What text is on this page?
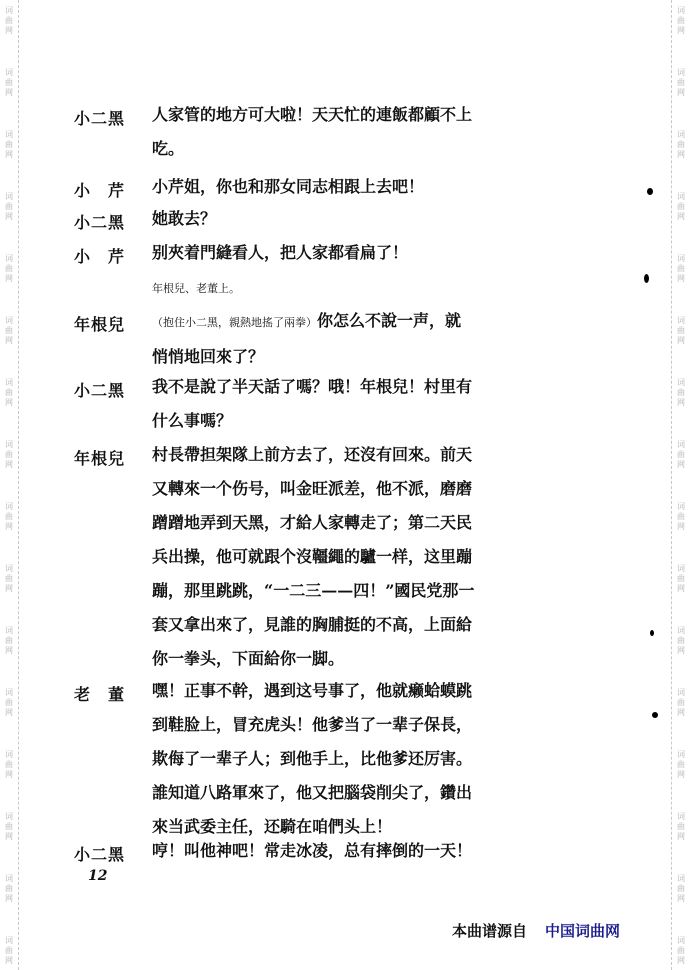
词
曲
网
词
曲
网
词
曲
网
词
曲
网
词
曲
网
词
曲
网
词
曲
网
词
曲
网
词
曲
网
词
曲
网
词
曲
网
词
曲
网
词
曲
网
词
曲
网
词
曲
网
词
曲
网
词
曲
网
词
曲
网
词
曲
网
词
曲
网
词
曲
网
词
曲
网
词
曲
网
词
曲
网
词
曲
网
词
曲
网
词
曲
网
词
曲
网
词
曲
网
词
曲
网
词
曲
网
词
曲
网
小二黑	人家管的地方可大啦！天天忙的連飯都顧不上
吃。
小　芹	小芹姐，你也和那女同志相跟上去吧！
小二黑	她敢去？
小　芹	别夾着門縫看人，把人家都看扁了！
年根兒、老董上。
年根兒	（抱住小二黑，親熱地搖了兩拳）你怎么不說一声，就
悄悄地回來了？
小二黑	我不是說了半天話了嗎？哦！年根兒！村里有
什么事嗎？
年根兒	村長帶担架隊上前方去了，还沒有回來。前天
又轉來一个伤号，叫金旺派差，他不派，磨磨
蹭蹭地弄到天黑，才給人家轉走了；第二天民
兵出操，他可就跟个沒韁繩的驢一样，这里蹦
蹦，那里跳跳，“一二三——四！”國民党那一
套又拿出來了，見誰的胸脯挺的不高，上面給
你一拳头，下面給你一脚。
老　董	嘿！正事不幹，遇到这号事了，他就癞蛤蟆跳
到鞋脸上，冒充虎头！他爹当了一辈子保長，
欺侮了一辈子人；到他手上，比他爹还厉害。
誰知道八路軍來了，他又把腦袋削尖了，鑽出
來当武委主任，还騎在咱們头上！
小二黑	哼！叫他神吧！常走冰凌，总有摔倒的一天！
12
本曲谱源自 中国词曲网
